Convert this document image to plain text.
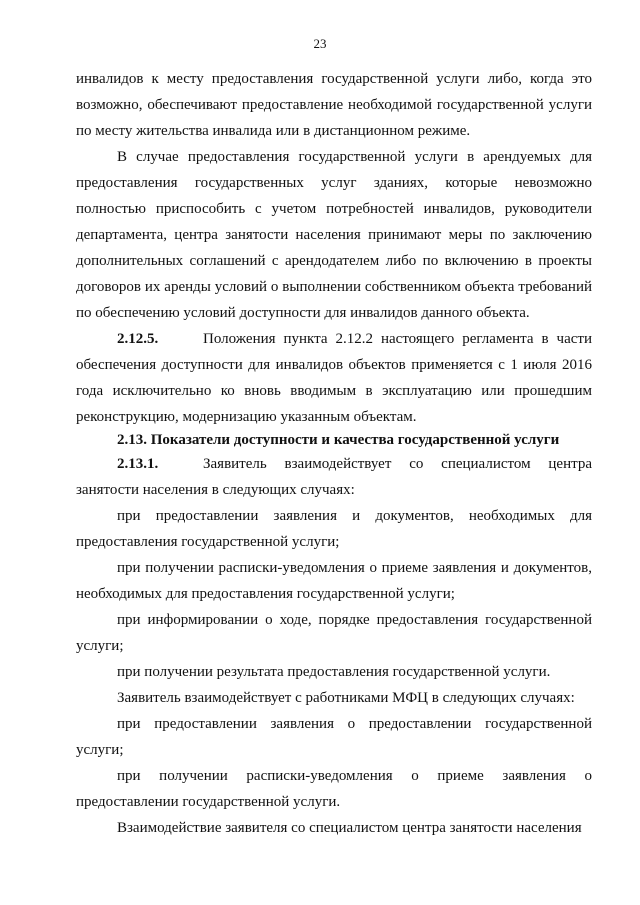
23

инвалидов к месту предоставления государственной услуги либо, когда это возможно, обеспечивают предоставление необходимой государственной услуги по месту жительства инвалида или в дистанционном режиме.

В случае предоставления государственной услуги в арендуемых для предоставления государственных услуг зданиях, которые невозможно полностью приспособить с учетом потребностей инвалидов, руководители департамента, центра занятости населения принимают меры по заключению дополнительных соглашений с арендодателем либо по включению в проекты договоров их аренды условий о выполнении собственником объекта требований по обеспечению условий доступности для инвалидов данного объекта.

2.12.5.	Положения пункта 2.12.2 настоящего регламента в части обеспечения доступности для инвалидов объектов применяется с 1 июля 2016 года исключительно ко вновь вводимым в эксплуатацию или прошедшим реконструкцию, модернизацию указанным объектам.

2.13. Показатели доступности и качества государственной услуги

2.13.1.	Заявитель взаимодействует со специалистом центра занятости населения в следующих случаях:

при предоставлении заявления и документов, необходимых для предоставления государственной услуги;

при получении расписки-уведомления о приеме заявления и документов, необходимых для предоставления государственной услуги;

при информировании о ходе, порядке предоставления государственной услуги;

при получении результата предоставления государственной услуги.

Заявитель взаимодействует с работниками МФЦ в следующих случаях:

при предоставлении заявления о предоставлении государственной услуги;

при получении расписки-уведомления о приеме заявления о предоставлении государственной услуги.

Взаимодействие заявителя со специалистом центра занятости населения
